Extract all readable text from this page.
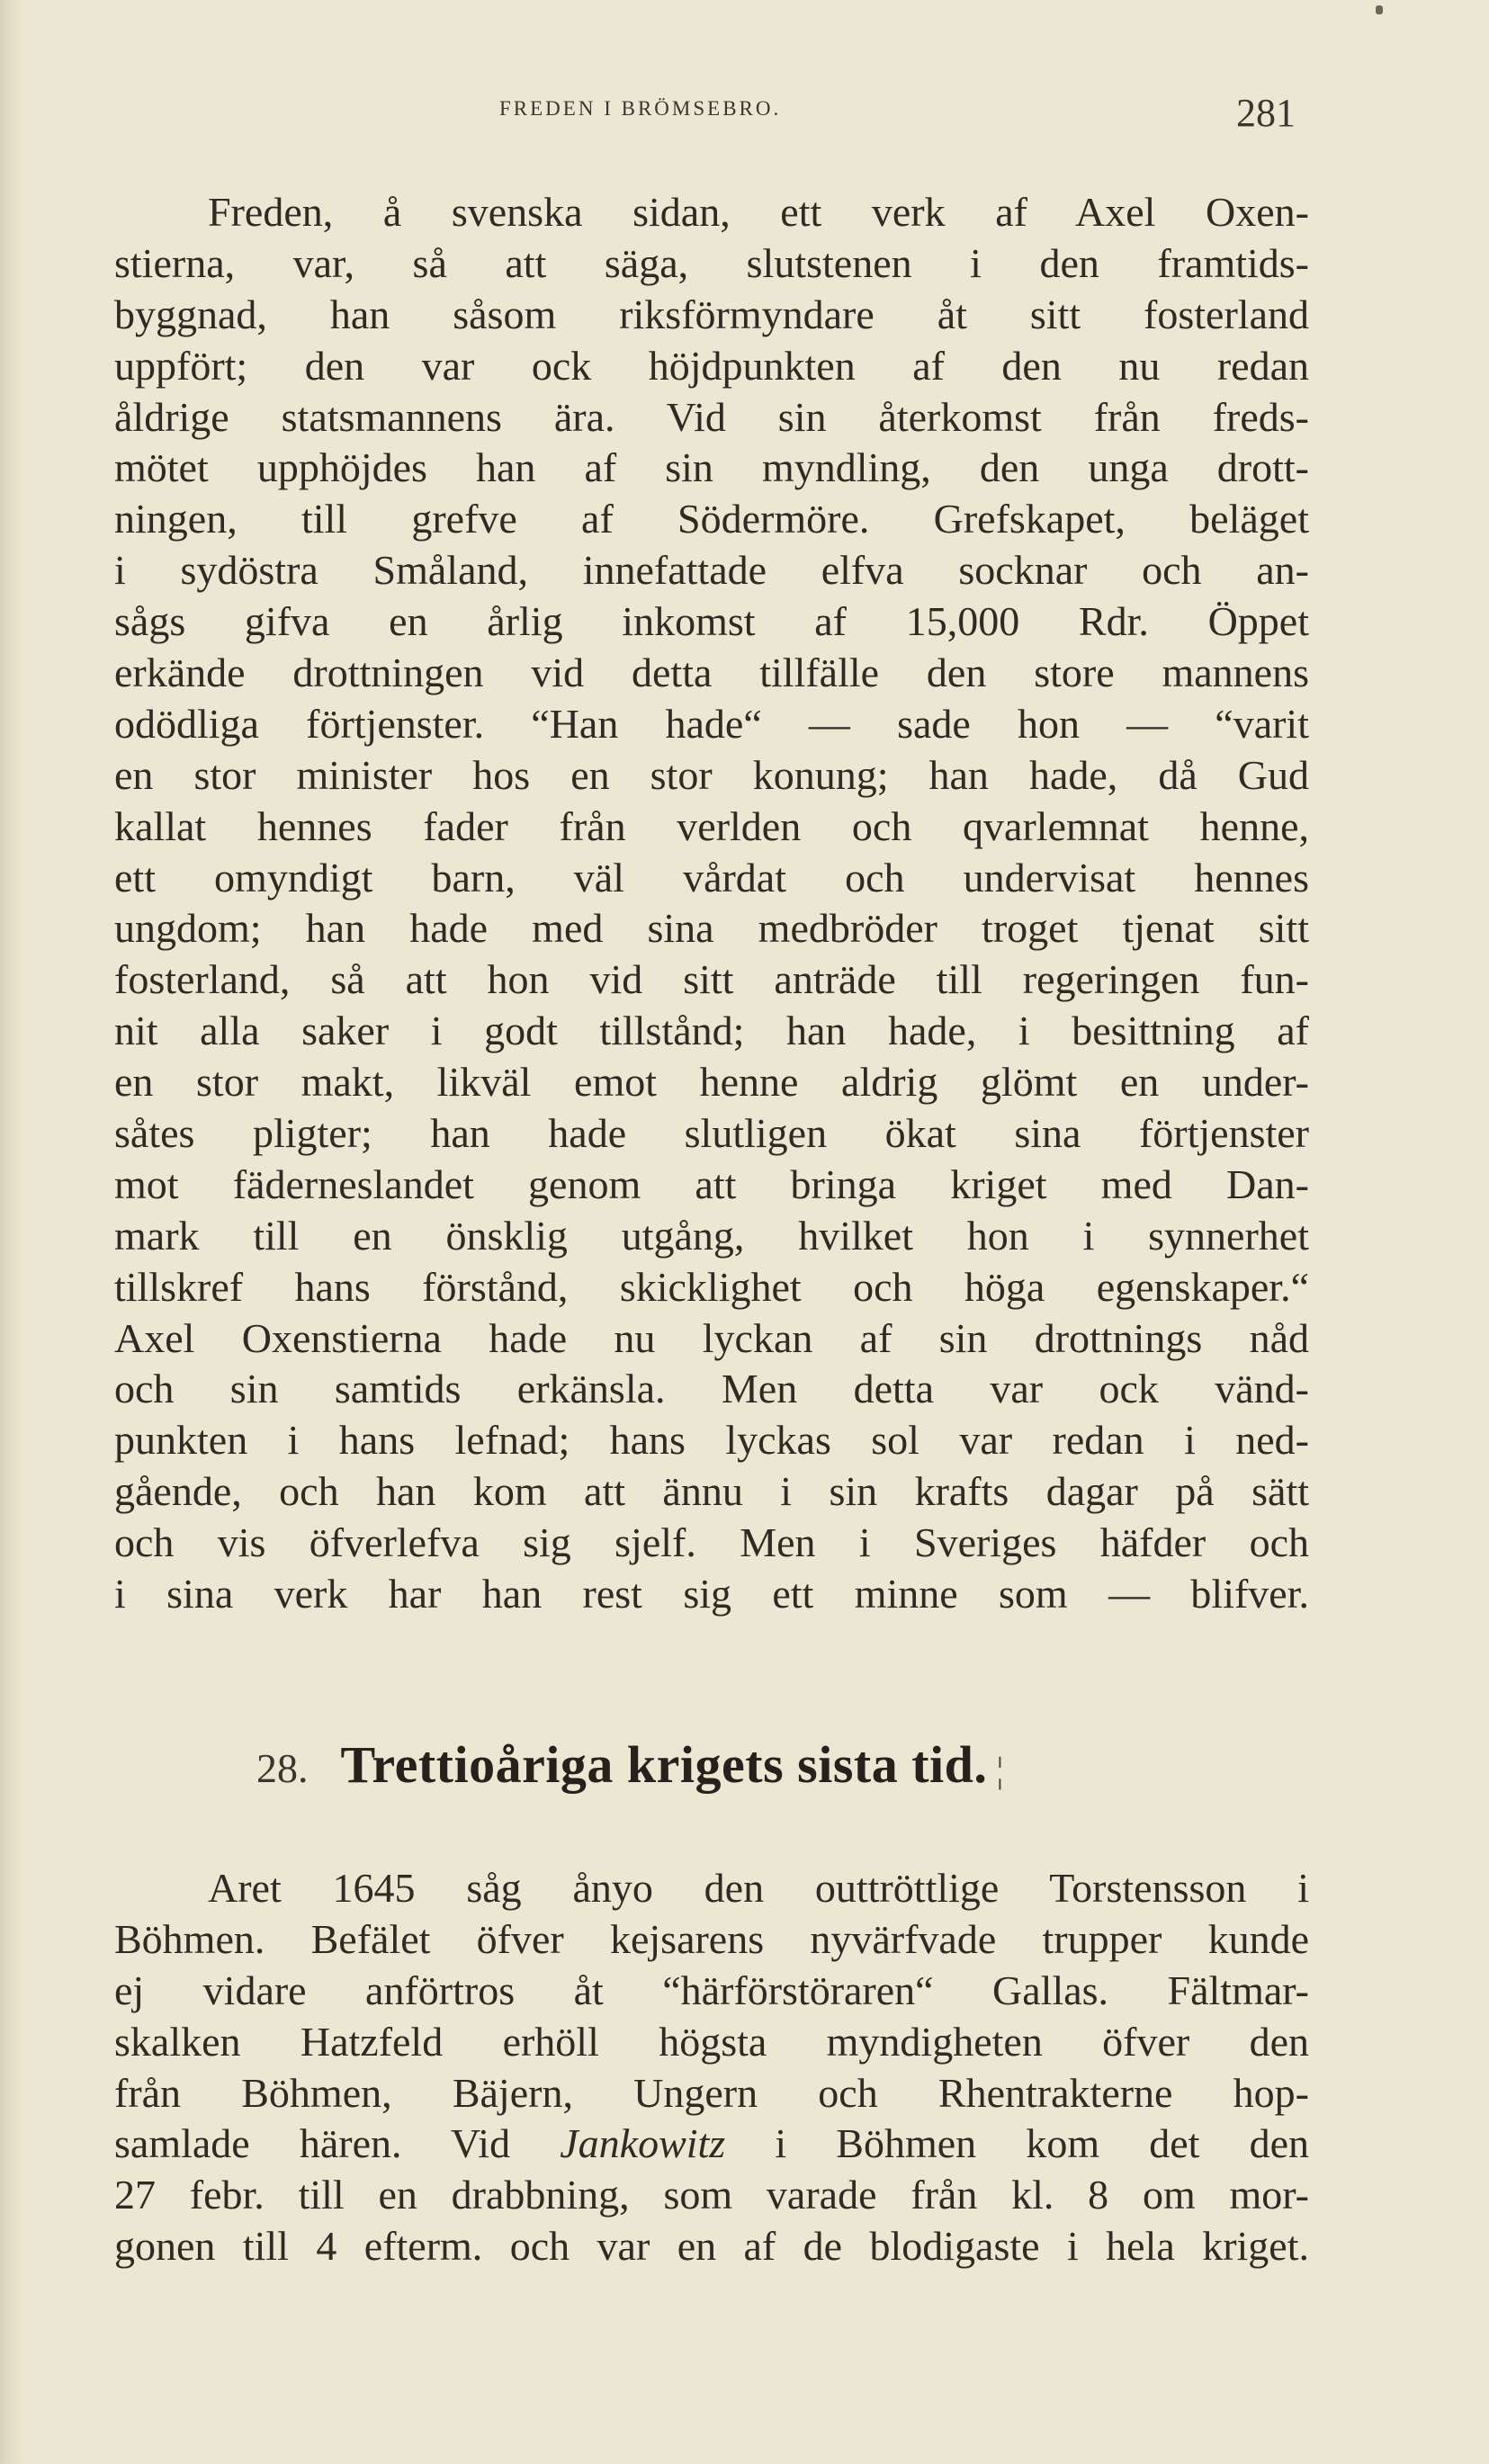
FREDEN I BRÖMSEBRO.	281
Freden, å svenska sidan, ett verk af Axel Oxen-
stierna, var, så att säga, slutstenen i den framtids-
byggnad, han såsom riksförmyndare åt sitt fosterland
uppfört; den var ock höjdpunkten af den nu redan
åldrige statsmannens ära. Vid sin återkomst från freds-
mötet upphöjdes han af sin myndling, den unga drott-
ningen, till grefve af Södermöre. Grefskapet, beläget
i sydöstra Småland, innefattade elfva socknar och an-
sågs gifva en årlig inkomst af 15,000 Rdr. Öppet
erkände drottningen vid detta tillfälle den store mannens
odödliga förtjenster. “Han hade“ — sade hon — “varit
en stor minister hos en stor konung; han hade, då Gud
kallat hennes fader från verlden och qvarlemnat henne,
ett omyndigt barn, väl vårdat och undervisat hennes
ungdom; han hade med sina medbröder troget tjenat sitt
fosterland, så att hon vid sitt anträde till regeringen fun-
nit alla saker i godt tillstånd; han hade, i besittning af
en stor makt, likväl emot henne aldrig glömt en under-
såtes pligter; han hade slutligen ökat sina förtjenster
mot fäderneslandet genom att bringa kriget med Dan-
mark till en önsklig utgång, hvilket hon i synnerhet
tillskref hans förstånd, skicklighet och höga egenskaper.“
Axel Oxenstierna hade nu lyckan af sin drottnings nåd
och sin samtids erkänsla. Men detta var ock vänd-
punkten i hans lefnad; hans lyckas sol var redan i ned-
gående, och han kom att ännu i sin krafts dagar på sätt
och vis öfverlefva sig sjelf. Men i Sveriges häfder och
i sina verk har han rest sig ett minne som — blifver.
28. Trettioåriga krigets sista tid. ¦
Aret 1645 såg ånyo den outtröttlige Torstensson i
Böhmen. Befälet öfver kejsarens nyvärfvade trupper kunde
ej vidare anförtros åt “härförstöraren“ Gallas. Fältmar-
skalken Hatzfeld erhöll högsta myndigheten öfver den
från Böhmen, Bäjern, Ungern och Rhentrakterne hop-
samlade hären. Vid Jankowitz i Böhmen kom det den
27 febr. till en drabbning, som varade från kl. 8 om mor-
gonen till 4 efterm. och var en af de blodigaste i hela kriget.
